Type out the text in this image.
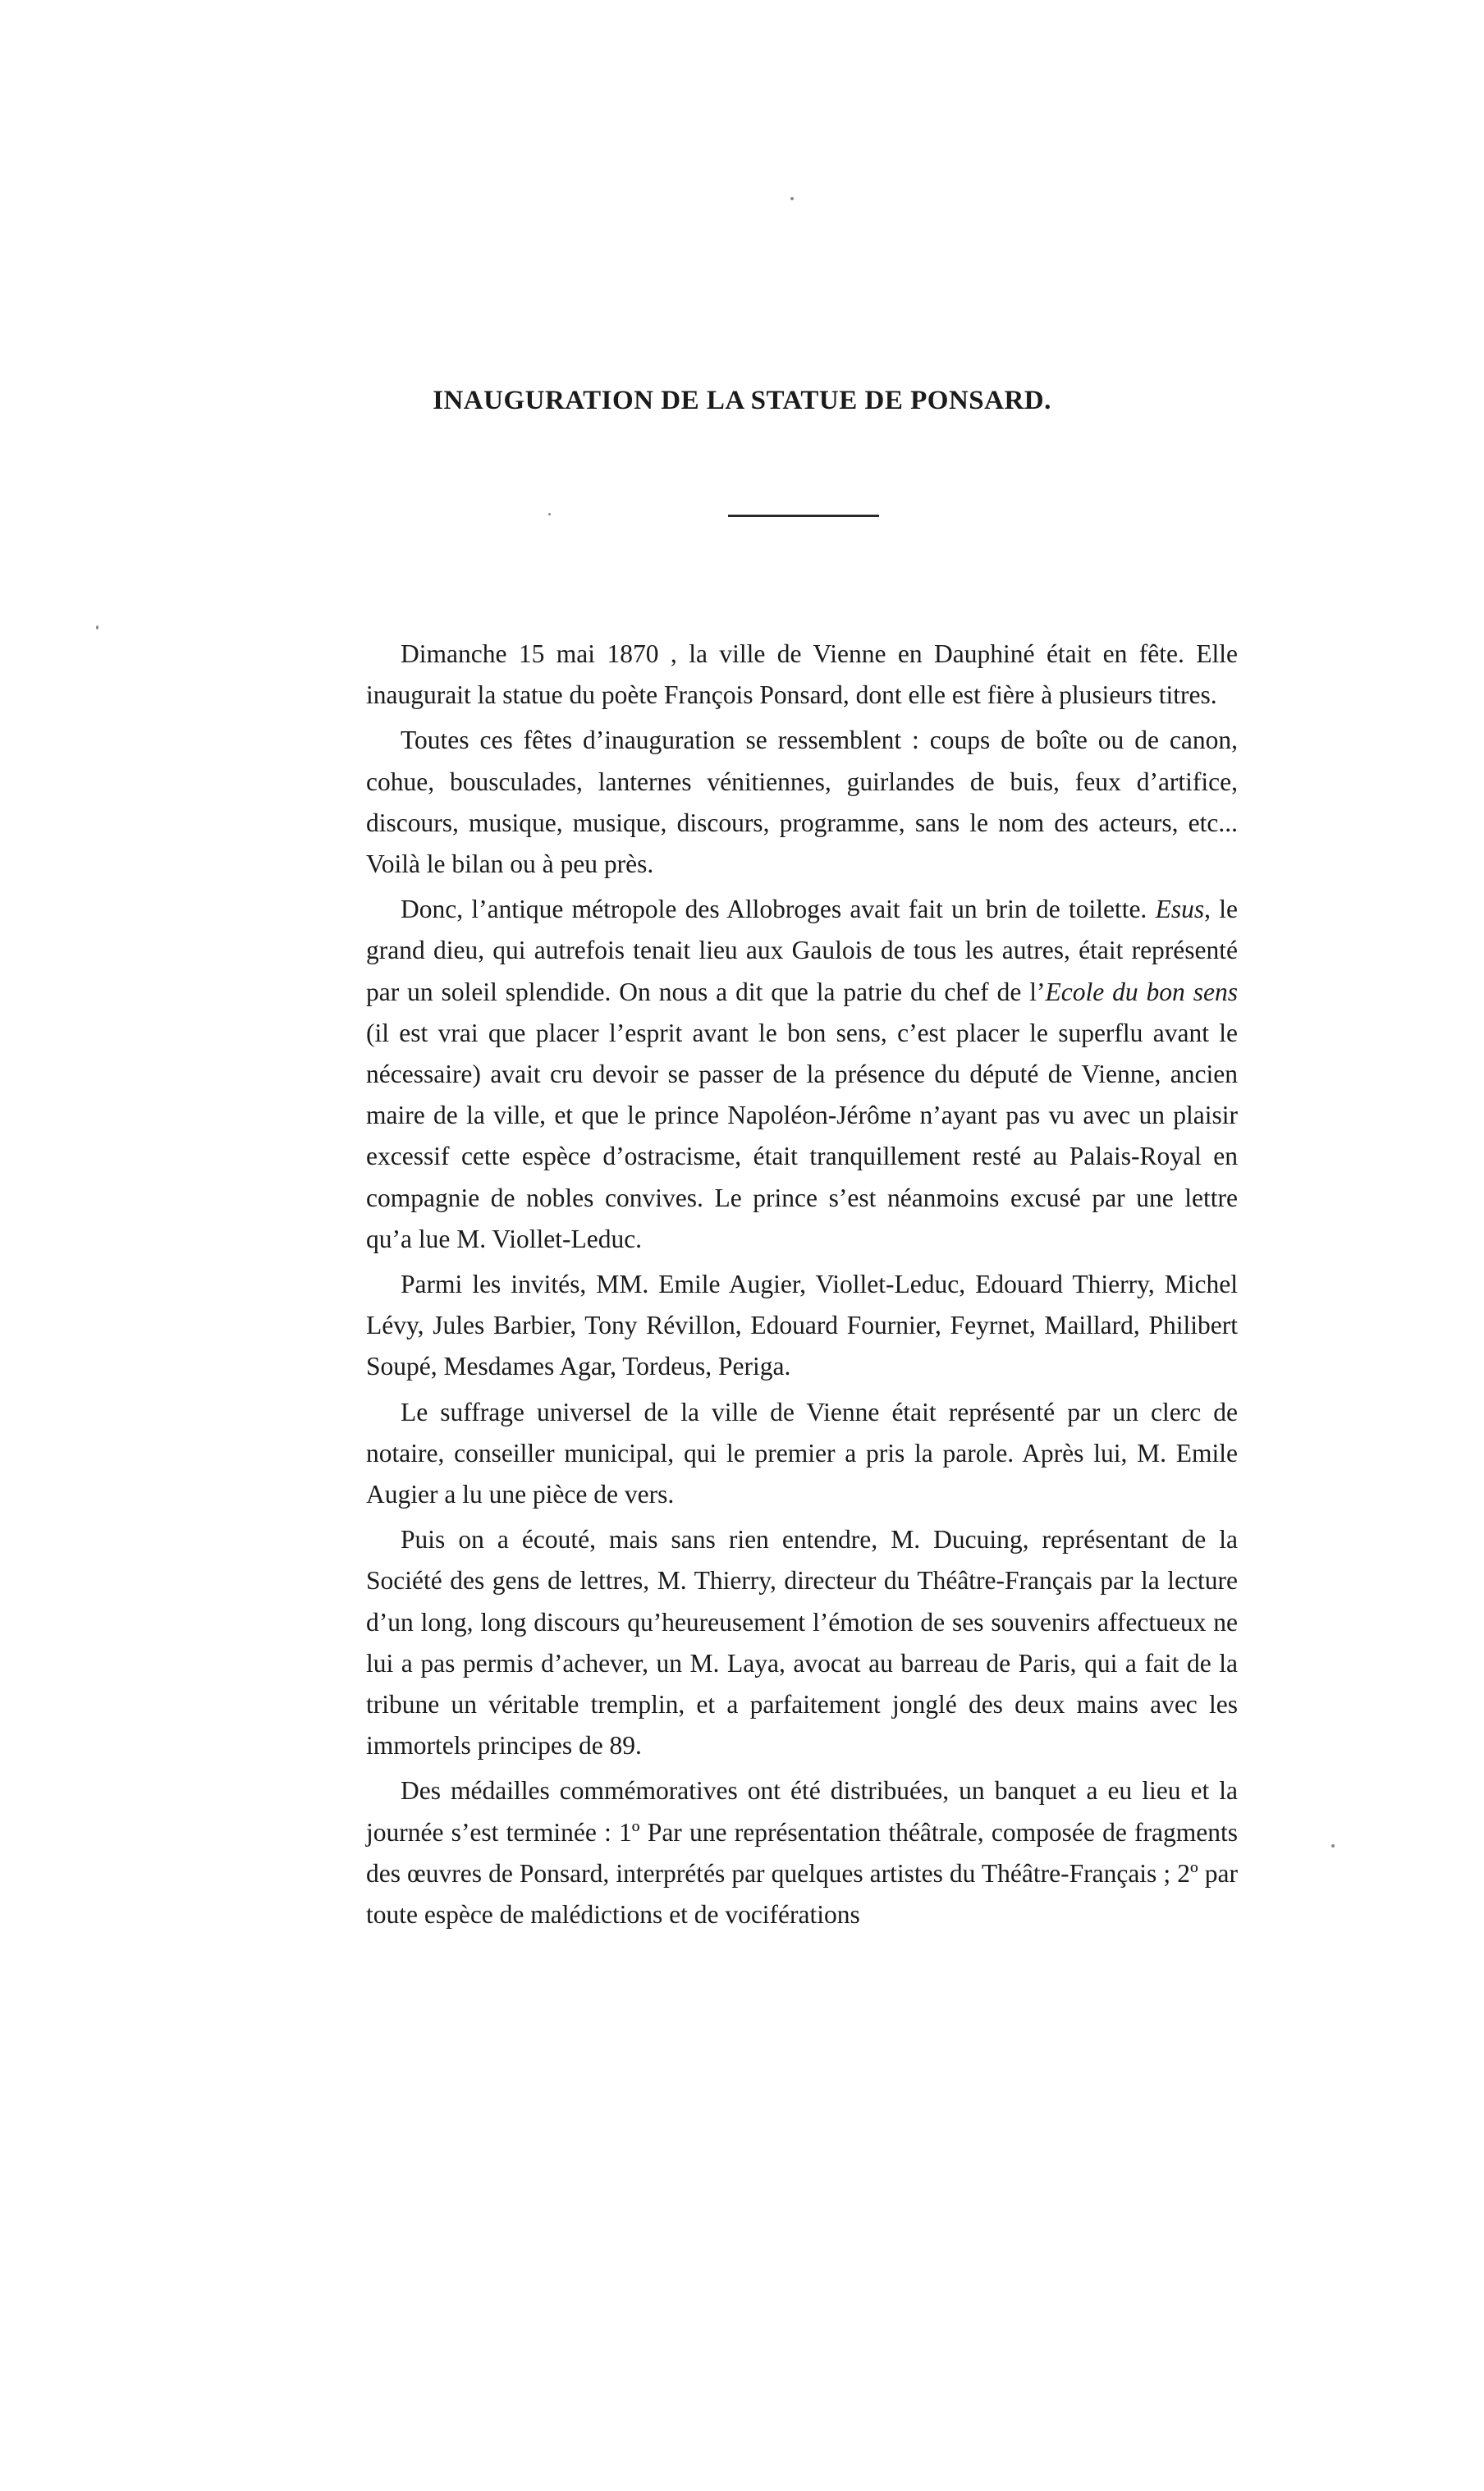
INAUGURATION DE LA STATUE DE PONSARD.

Dimanche 15 mai 1870 , la ville de Vienne en Dauphiné était en fête. Elle inaugurait la statue du poète François Ponsard, dont elle est fière à plusieurs titres.

Toutes ces fêtes d’inauguration se ressemblent : coups de boîte ou de canon, cohue, bousculades, lanternes vénitiennes, guirlandes de buis, feux d’artifice, discours, musique, musique, discours, programme, sans le nom des acteurs, etc... Voilà le bilan ou à peu près.

Donc, l’antique métropole des Allobroges avait fait un brin de toilette. Esus, le grand dieu, qui autrefois tenait lieu aux Gaulois de tous les autres, était représenté par un soleil splendide. On nous a dit que la patrie du chef de l’Ecole du bon sens (il est vrai que placer l’esprit avant le bon sens, c’est placer le superflu avant le nécessaire) avait cru devoir se passer de la présence du député de Vienne, ancien maire de la ville, et que le prince Napoléon-Jérôme n’ayant pas vu avec un plaisir excessif cette espèce d’ostracisme, était tranquillement resté au Palais-Royal en compagnie de nobles convives. Le prince s’est néanmoins excusé par une lettre qu’a lue M. Viollet-Leduc.

Parmi les invités, MM. Emile Augier, Viollet-Leduc, Edouard Thierry, Michel Lévy, Jules Barbier, Tony Révillon, Edouard Fournier, Feyrnet, Maillard, Philibert Soupé, Mesdames Agar, Tordeus, Periga.

Le suffrage universel de la ville de Vienne était représenté par un clerc de notaire, conseiller municipal, qui le premier a pris la parole. Après lui, M. Emile Augier a lu une pièce de vers.

Puis on a écouté, mais sans rien entendre, M. Ducuing, représentant de la Société des gens de lettres, M. Thierry, directeur du Théâtre-Français par la lecture d’un long, long discours qu’heureusement l’émotion de ses souvenirs affectueux ne lui a pas permis d’achever, un M. Laya, avocat au barreau de Paris, qui a fait de la tribune un véritable tremplin, et a parfaitement jonglé des deux mains avec les immortels principes de 89.

Des médailles commémoratives ont été distribuées, un banquet a eu lieu et la journée s’est terminée : 1º Par une représentation théâtrale, composée de fragments des œuvres de Ponsard, interprétés par quelques artistes du Théâtre-Français ; 2º par toute espèce de malédictions et de vociférations
